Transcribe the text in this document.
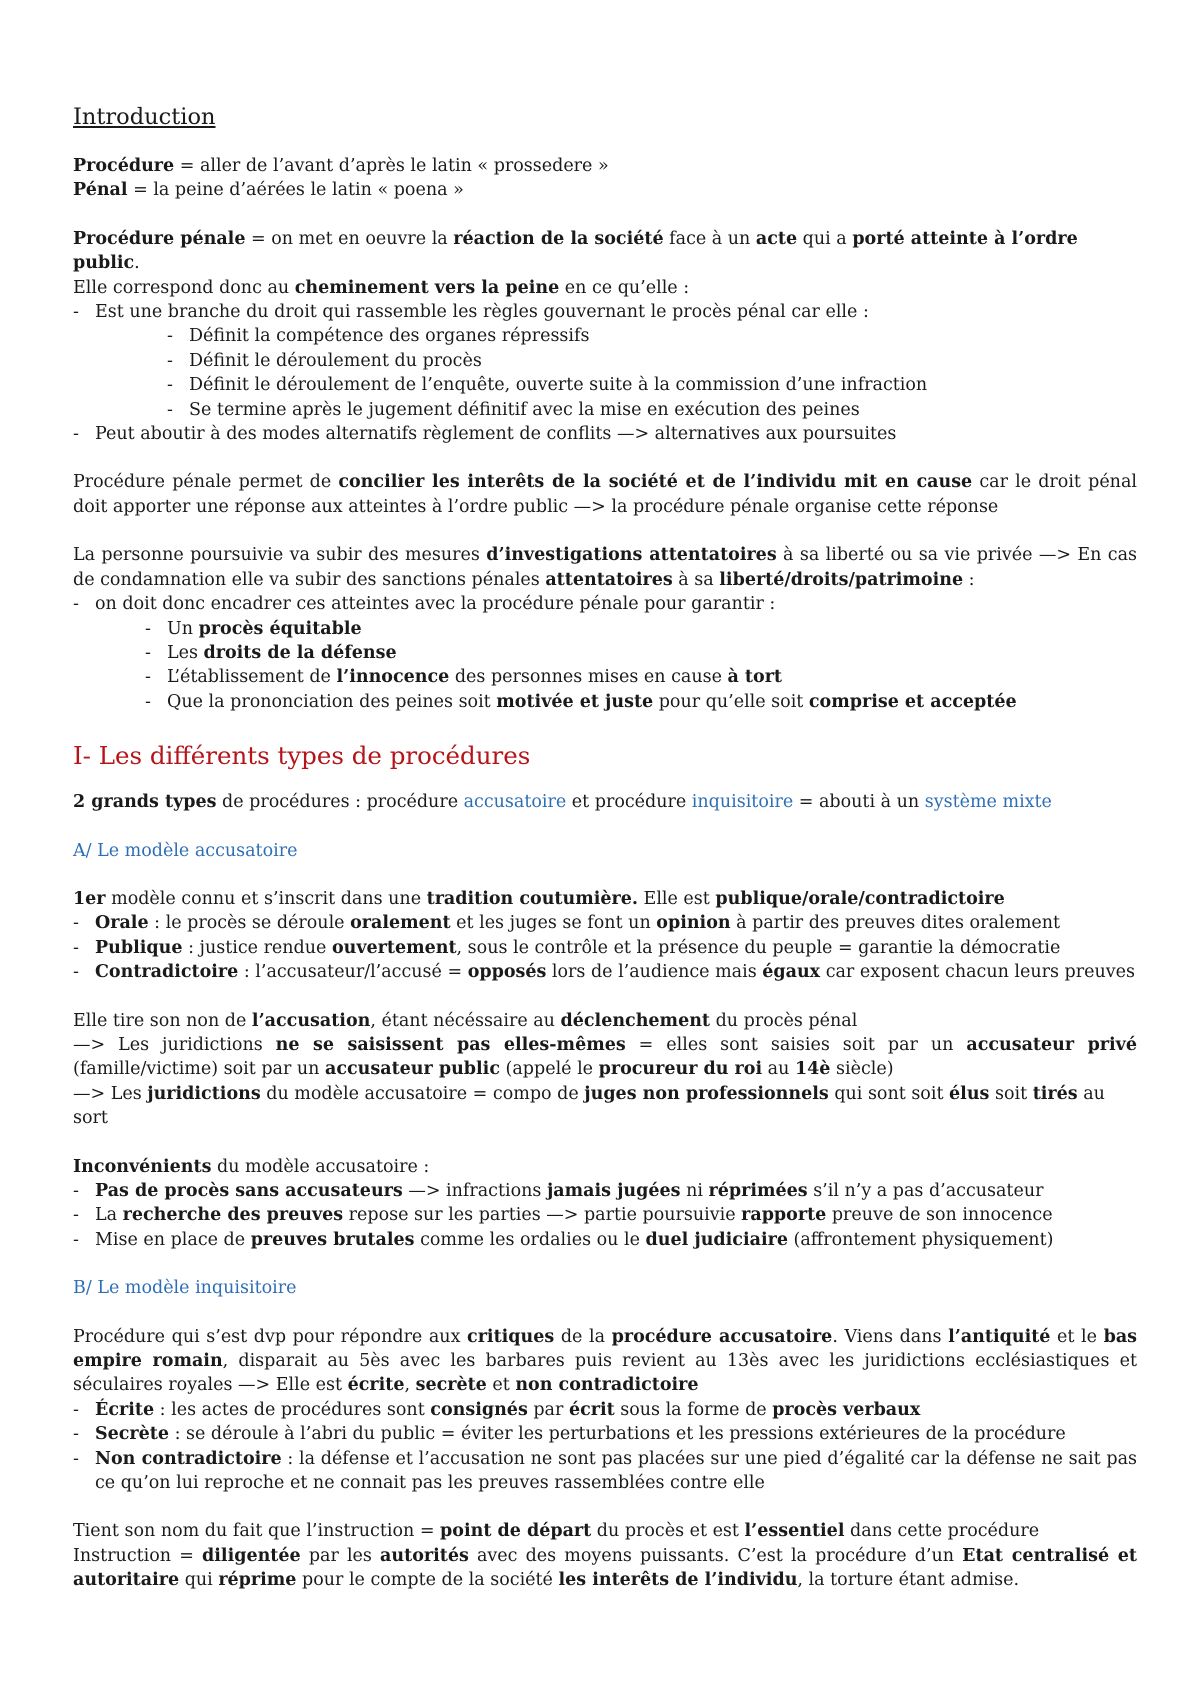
Introduction

Procédure = aller de l’avant d’après le latin « prossedere »

Pénal = la peine d’aérées le latin « poena »

Procédure pénale = on met en oeuvre la réaction de la société face à un acte qui a porté atteinte à l’ordre public.

Elle correspond donc au cheminement vers la peine en ce qu’elle :

- Est une branche du droit qui rassemble les règles gouvernant le procès pénal car elle :
- Définit la compétence des organes répressifs
- Définit le déroulement du procès
- Définit le déroulement de l’enquête, ouverte suite à la commission d’une infraction
- Se termine après le jugement définitif avec la mise en exécution des peines
- Peut aboutir à des modes alternatifs règlement de conflits —> alternatives aux poursuites

Procédure pénale permet de concilier les interêts de la société et de l’individu mit en cause car le droit pénal doit apporter une réponse aux atteintes à l’ordre public —> la procédure pénale organise cette réponse

La personne poursuivie va subir des mesures d’investigations attentatoires à sa liberté ou sa vie privée —> En cas de condamnation elle va subir des sanctions pénales attentatoires à sa liberté/droits/patrimoine :

- on doit donc encadrer ces atteintes avec la procédure pénale pour garantir :
- Un procès équitable
- Les droits de la défense
- L’établissement de l’innocence des personnes mises en cause à tort
- Que la prononciation des peines soit motivée et juste pour qu’elle soit comprise et acceptée

I- Les différents types de procédures

2 grands types de procédures : procédure accusatoire et procédure inquisitoire = abouti à un système mixte

A/ Le modèle accusatoire

1er modèle connu et s’inscrit dans une tradition coutumière. Elle est publique/orale/contradictoire

- Orale : le procès se déroule oralement et les juges se font un opinion à partir des preuves dites oralement
- Publique : justice rendue ouvertement, sous le contrôle et la présence du peuple = garantie la démocratie
- Contradictoire : l’accusateur/l’accusé = opposés lors de l’audience mais égaux car exposent chacun leurs preuves

Elle tire son non de l’accusation, étant nécéssaire au déclenchement du procès pénal

—> Les juridictions ne se saisissent pas elles-mêmes = elles sont saisies soit par un accusateur privé (famille/victime) soit par un accusateur public (appelé le procureur du roi au 14è siècle)

—> Les juridictions du modèle accusatoire = compo de juges non professionnels qui sont soit élus soit tirés au sort

Inconvénients du modèle accusatoire :

- Pas de procès sans accusateurs —> infractions jamais jugées ni réprimées s’il n’y a pas d’accusateur
- La recherche des preuves repose sur les parties —> partie poursuivie rapporte preuve de son innocence
- Mise en place de preuves brutales comme les ordalies ou le duel judiciaire (affrontement physiquement)

B/ Le modèle inquisitoire

Procédure qui s’est dvp pour répondre aux critiques de la procédure accusatoire. Viens dans l’antiquité et le bas empire romain, disparait au 5ès avec les barbares puis revient au 13ès avec les juridictions ecclésiastiques et séculaires royales —> Elle est écrite, secrète et non contradictoire

- Écrite : les actes de procédures sont consignés par écrit sous la forme de procès verbaux
- Secrète : se déroule à l’abri du public = éviter les perturbations et les pressions extérieures de la procédure
- Non contradictoire : la défense et l’accusation ne sont pas placées sur une pied d’égalité car la défense ne sait pas ce qu’on lui reproche et ne connait pas les preuves rassemblées contre elle

Tient son nom du fait que l’instruction = point de départ du procès et est l’essentiel dans cette procédure

Instruction = diligentée par les autorités avec des moyens puissants. C’est la procédure d’un Etat centralisé et autoritaire qui réprime pour le compte de la société les interêts de l’individu, la torture étant admise.
